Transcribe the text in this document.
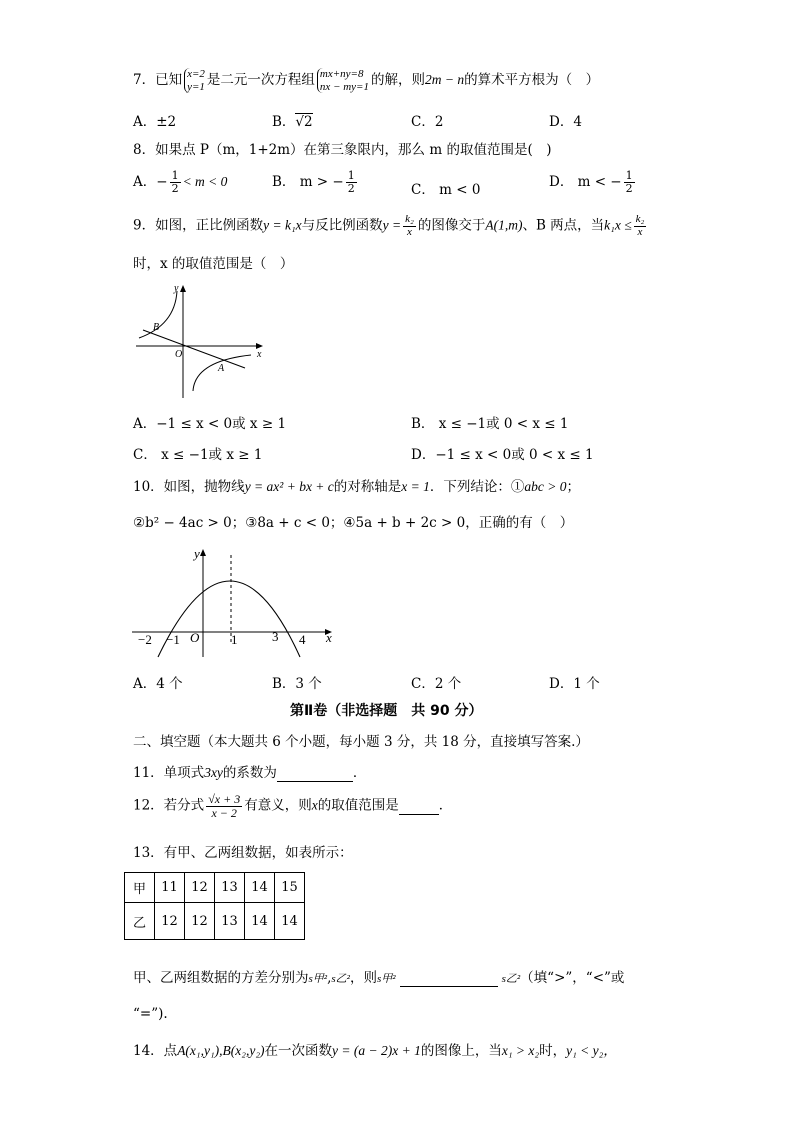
7．已知 x=2
y=1 是二元一次方程组 mx+ny=8
nx − my=1 的解，则2m − n的算术平方根为（　）
A．±2	B．√2	C．2	D．4
8．如果点 P（m，1+2m）在第三象限内，那么 m 的取值范围是(　)
A．− $\frac{1}{2} < m < 0$	B． m > − $\frac{1}{2}$	C． m < 0	D． m < − $\frac{1}{2}$
9．如图，正比例函数y = k₁x与反比例函数$y = \frac{\text{k₂}}{x}$ 的图像交于A(1,m)、B 两点，当$k_1x \le \frac{\text{k₂}}{x}$
时，x 的取值范围是（　）
y
x
O
A
B
A．−1 ≤ x < 0或 x ≥ 1	B． x ≤ −1或 0 < x ≤ 1
C． x ≤ −1或 x ≥ 1	D．−1 ≤ x < 0或 0 < x ≤ 1
10．如图，抛物线y = ax² + bx + c的对称轴是x = 1．下列结论：①abc > 0；
②b² − 4ac > 0；③8a + c < 0；④5a + b + 2c > 0，正确的有（　）
y
x
O
−2 −1	1	3 4
A．4 个	B．3 个	C．2 个	D．1 个
第Ⅱ卷（非选择题　共 90 分）
二、填空题（本大题共 6 个小题，每小题 3 分，共 18 分，直接填写答案.）
11．单项式3xy的系数为	．
12．若分式 $\frac{√x + 3}{x - 2}$ 有意义，则x的取值范围是	．
13．有甲、乙两组数据，如表所示：
甲	11	12	13	14	15
乙	12	12	13	14	14
甲、乙两组数据的方差分别为s甲²,s乙²，则s甲²	s乙²（填“>”，“<”或
“=”).
14．点A(x₁,y₁),B(x₂,y₂)在一次函数y = (a − 2)x + 1的图像上，当x₁ > x₂时，y₁ < y₂，
